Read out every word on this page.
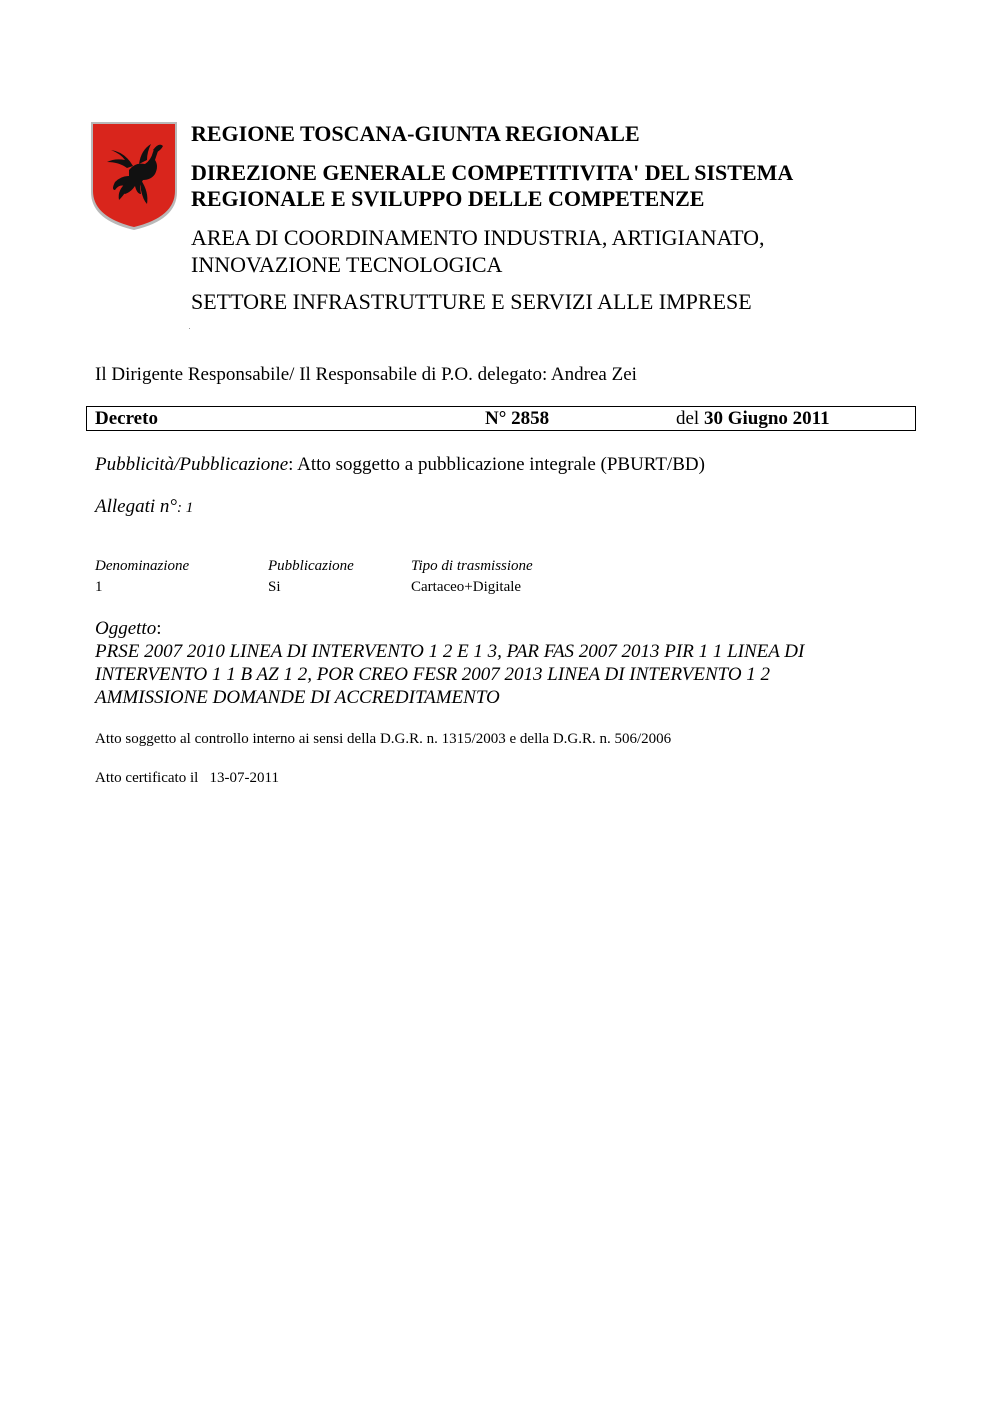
REGIONE TOSCANA-GIUNTA REGIONALE
DIREZIONE GENERALE COMPETITIVITA' DEL SISTEMA
REGIONALE E SVILUPPO DELLE COMPETENZE
AREA DI COORDINAMENTO INDUSTRIA, ARTIGIANATO,
INNOVAZIONE TECNOLOGICA
SETTORE INFRASTRUTTURE E SERVIZI ALLE IMPRESE
Il Dirigente Responsabile/ Il Responsabile di P.O. delegato: Andrea Zei
Decreto	N° 2858	del 30 Giugno 2011
Pubblicità/Pubblicazione: Atto soggetto a pubblicazione integrale (PBURT/BD)
Allegati n°: 1
Denominazione	Pubblicazione	Tipo di trasmissione
1	Si	Cartaceo+Digitale
Oggetto:
PRSE 2007 2010 LINEA DI INTERVENTO 1 2 E 1 3, PAR FAS 2007 2013 PIR 1 1 LINEA DI
INTERVENTO 1 1 B AZ 1 2, POR CREO FESR 2007 2013 LINEA DI INTERVENTO 1 2
AMMISSIONE DOMANDE DI ACCREDITAMENTO
Atto soggetto al controllo interno ai sensi della D.G.R. n. 1315/2003 e della D.G.R. n. 506/2006
Atto certificato il   13-07-2011
